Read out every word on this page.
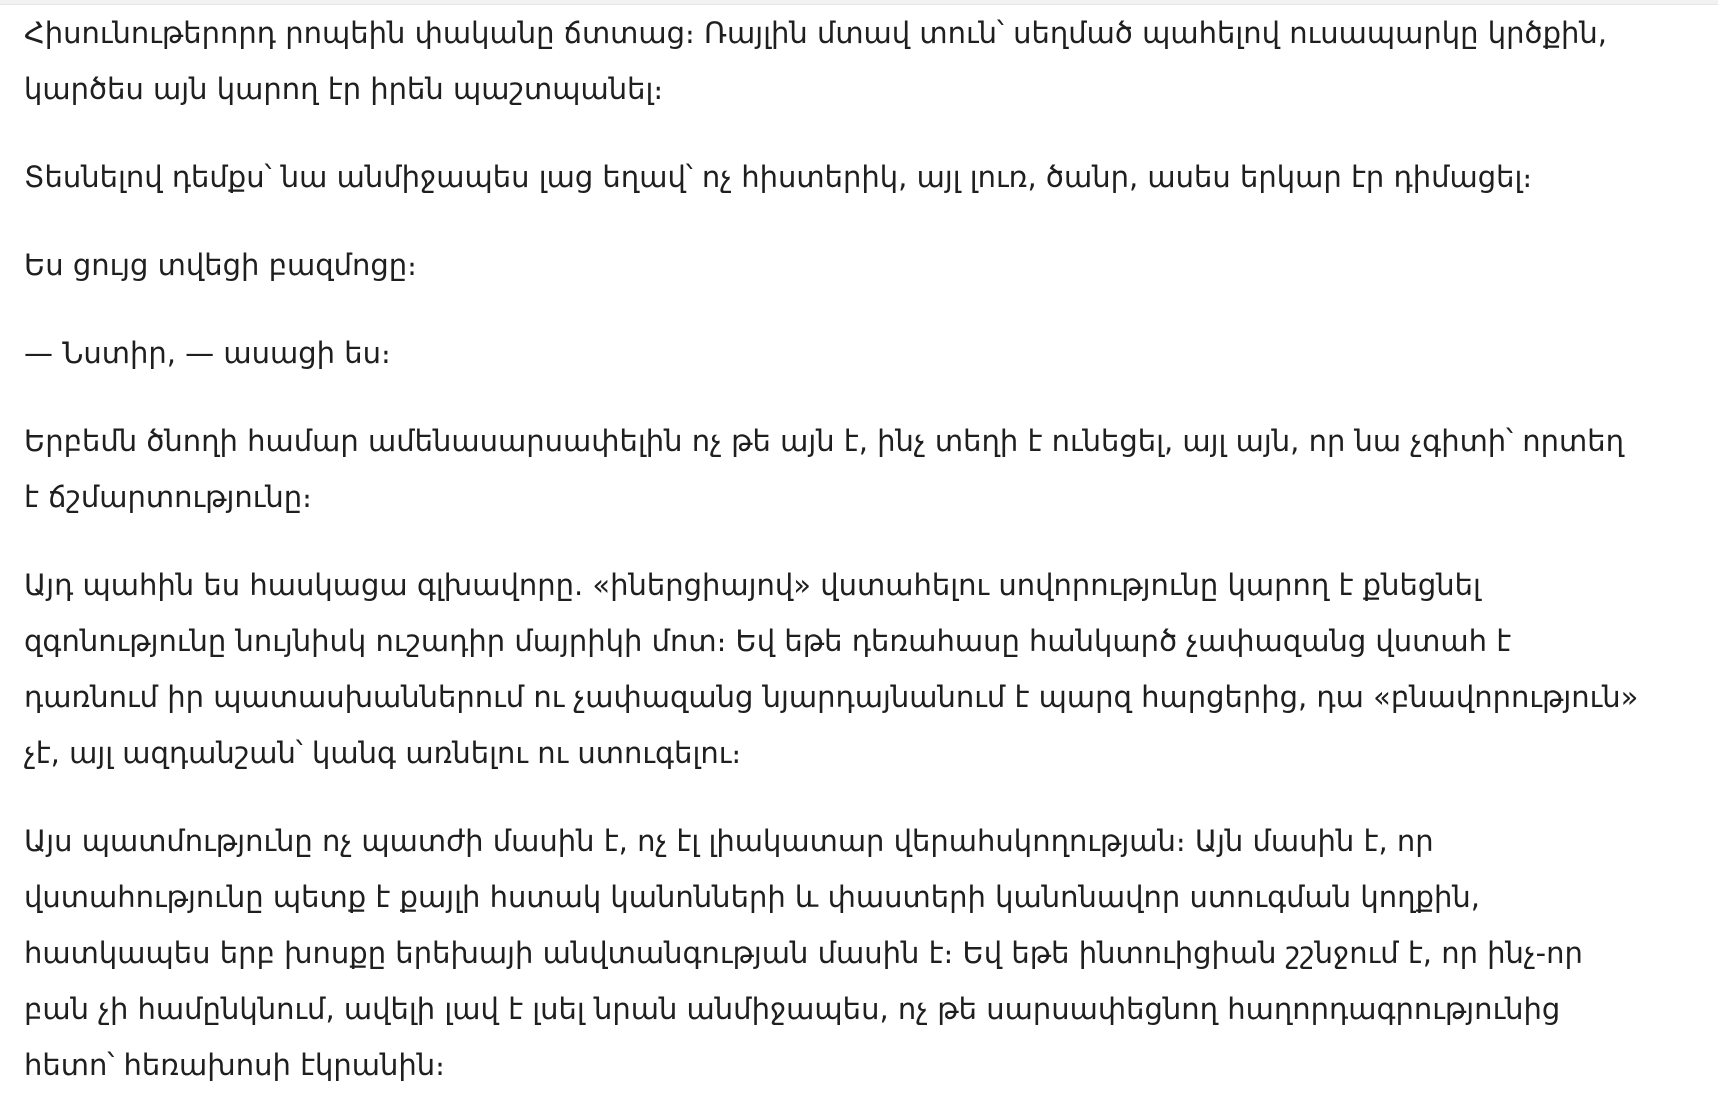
Հիսունութերորդ րոպեին փականը ճտտաց։ Ռայլին մտավ տուն՝ սեղմած պահելով ուսապարկը կրծքին, կարծես այն կարող էր իրեն պաշտպանել։

Տեսնելով դեմքս՝ նա անմիջապես լաց եղավ՝ ոչ հիստերիկ, այլ լուռ, ծանր, ասես երկար էր դիմացել։

Ես ցույց տվեցի բազմոցը։

— Նստիր, — ասացի ես։

Երբեմն ծնողի համար ամենասարսափելին ոչ թե այն է, ինչ տեղի է ունեցել, այլ այն, որ նա չգիտի՝ որտեղ է ճշմարտությունը։

Այդ պահին ես հասկացա գլխավորը. «իներցիայով» վստահելու սովորությունը կարող է քնեցնել զգոնությունը նույնիսկ ուշադիր մայրիկի մոտ։ Եվ եթե դեռահասը հանկարծ չափազանց վստահ է դառնում իր պատասխաններում ու չափազանց նյարդայնանում է պարզ հարցերից, դա «բնավորություն» չէ, այլ ազդանշան՝ կանգ առնելու ու ստուգելու։

Այս պատմությունը ոչ պատժի մասին է, ոչ էլ լիակատար վերահսկողության։ Այն մասին է, որ վստահությունը պետք է քայլի հստակ կանոնների և փաստերի կանոնավոր ստուգման կողքին, հատկապես երբ խոսքը երեխայի անվտանգության մասին է։ Եվ եթե ինտուիցիան շշնջում է, որ ինչ-որ բան չի համընկնում, ավելի լավ է լսել նրան անմիջապես, ոչ թե սարսափեցնող հաղորդագրությունից հետո՝ հեռախոսի էկրանին։
